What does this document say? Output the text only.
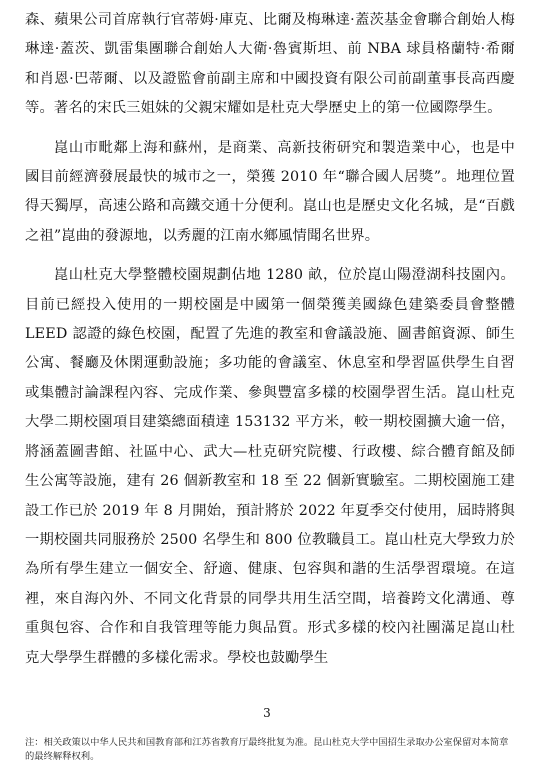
森、蘋果公司首席執行官蒂姆·庫克、比爾及梅琳達·蓋茨基金會聯合創始人梅琳達·蓋茨、凱雷集團聯合創始人大衛·魯賓斯坦、前 NBA 球員格蘭特·希爾和肖恩·巴蒂爾、以及證監會前副主席和中國投資有限公司前副董事長高西慶等。著名的宋氏三姐妹的父親宋耀如是杜克大學歷史上的第一位國際學生。

崑山市毗鄰上海和蘇州，是商業、高新技術研究和製造業中心，也是中國目前經濟發展最快的城市之一，榮獲 2010 年“聯合國人居獎”。地理位置得天獨厚，高速公路和高鐵交通十分便利。崑山也是歷史文化名城，是“百戲之祖”崑曲的發源地，以秀麗的江南水鄉風情聞名世界。

崑山杜克大學整體校園規劃佔地 1280 畝，位於崑山陽澄湖科技園內。目前已經投入使用的一期校園是中國第一個榮獲美國綠色建築委員會整體 LEED 認證的綠色校園，配置了先進的教室和會議設施、圖書館資源、師生公寓、餐廳及休閑運動設施；多功能的會議室、休息室和學習區供學生自習或集體討論課程內容、完成作業、參與豐富多樣的校園學習生活。崑山杜克大學二期校園項目建築總面積達 153132 平方米，較一期校園擴大逾一倍，將涵蓋圖書館、社區中心、武大—杜克研究院樓、行政樓、綜合體育館及師生公寓等設施，建有 26 個新教室和 18 至 22 個新實驗室。二期校園施工建設工作已於 2019 年 8 月開始，預計將於 2022 年夏季交付使用，屆時將與一期校園共同服務於 2500 名學生和 800 位教職員工。崑山杜克大學致力於為所有學生建立一個安全、舒適、健康、包容與和諧的生活學習環境。在這裡，來自海內外、不同文化背景的同學共用生活空間，培養跨文化溝通、尊重與包容、合作和自我管理等能力與品質。形式多樣的校內社團滿足崑山杜克大學學生群體的多樣化需求。學校也鼓勵學生

3
注：相关政策以中华人民共和国教育部和江苏省教育厅最终批复为准。昆山杜克大学中国招生录取办公室保留对本简章的最终解释权利。
